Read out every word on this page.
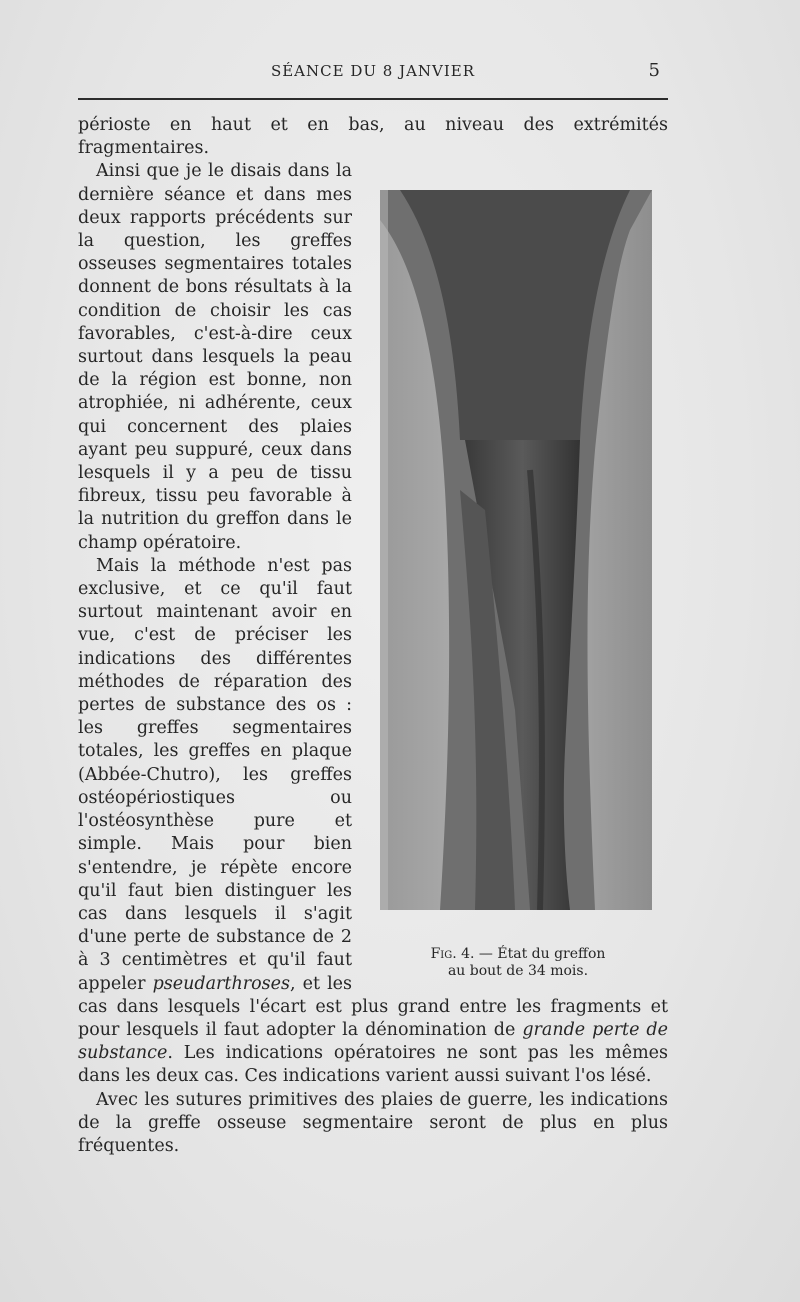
SÉANCE DU 8 JANVIER	5

périoste en haut et en bas, au niveau des extrémités fragmentaires.

Fig. 4. — État du greffon
au bout de 34 mois.

Ainsi que je le disais dans la dernière séance et dans mes deux rapports précédents sur la question, les greffes osseuses segmentaires totales donnent de bons résultats à la condition de choisir les cas favorables, c'est-à-dire ceux surtout dans lesquels la peau de la région est bonne, non atrophiée, ni adhérente, ceux qui concernent des plaies ayant peu suppuré, ceux dans lesquels il y a peu de tissu fibreux, tissu peu favorable à la nutrition du greffon dans le champ opératoire.

Mais la méthode n'est pas exclusive, et ce qu'il faut surtout maintenant avoir en vue, c'est de préciser les indications des différentes méthodes de réparation des pertes de substance des os : les greffes segmentaires totales, les greffes en plaque (Abbée-Chutro), les greffes ostéopériostiques ou l'ostéosynthèse pure et simple. Mais pour bien s'entendre, je répète encore qu'il faut bien distinguer les cas dans lesquels il s'agit d'une perte de substance de 2 à 3 centimètres et qu'il faut appeler pseudarthroses, et les cas dans lesquels l'écart est plus grand entre les fragments et pour lesquels il faut adopter la dénomination de grande perte de substance. Les indications opératoires ne sont pas les mêmes dans les deux cas. Ces indications varient aussi suivant l'os lésé.

Avec les sutures primitives des plaies de guerre, les indications de la greffe osseuse segmentaire seront de plus en plus fréquentes.
